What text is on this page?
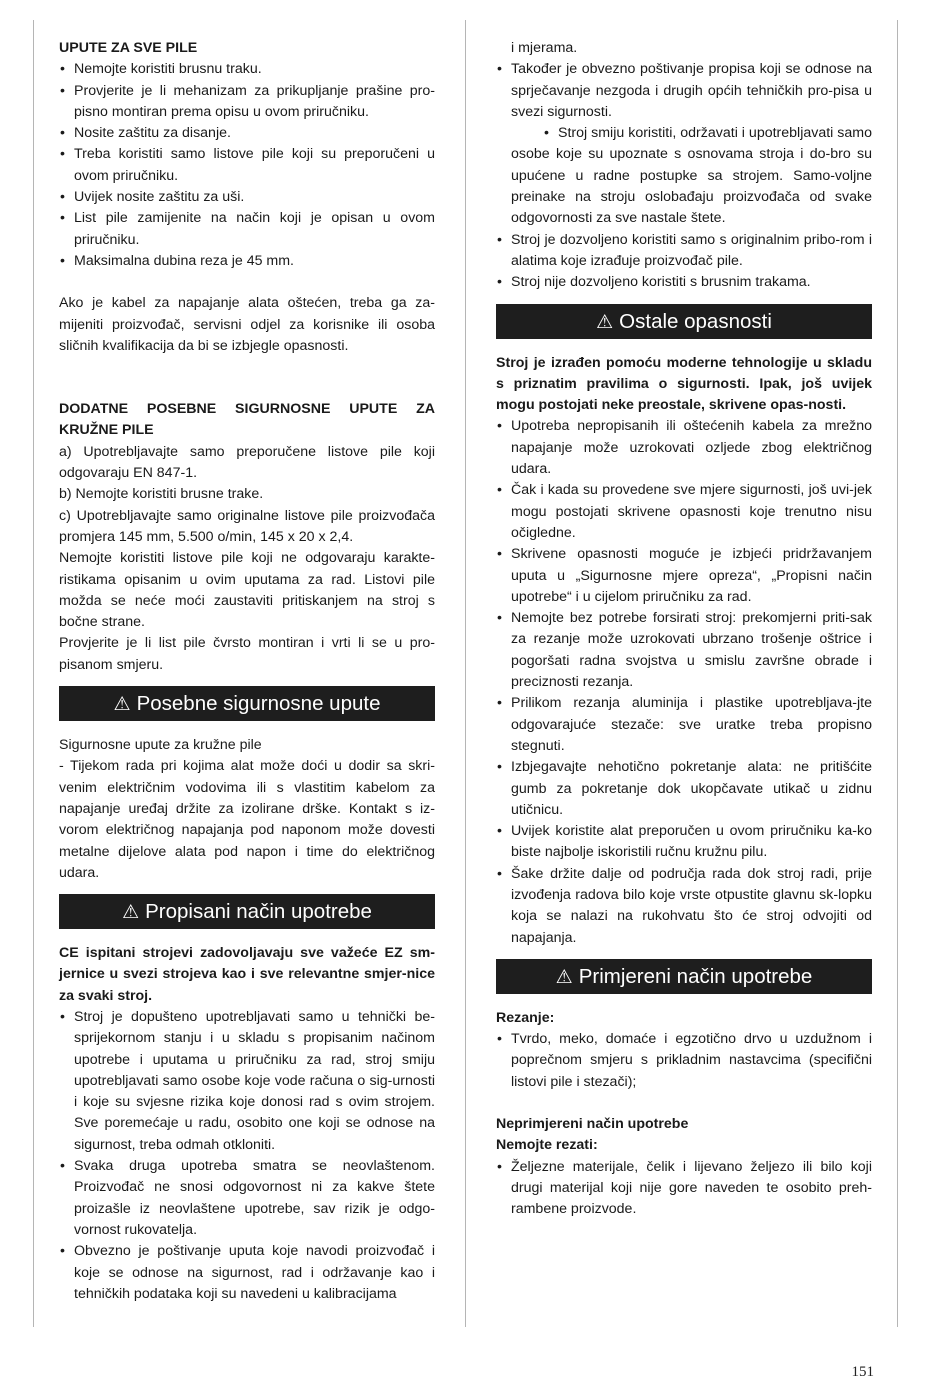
UPUTE ZA SVE PILE

• Nemojte koristiti brusnu traku.
• Provjerite je li mehanizam za prikupljanje prašine pro-pisno montiran prema opisu u ovom priručniku.
• Nosite zaštitu za disanje.
• Treba koristiti samo listove pile koji su preporučeni u ovom priručniku.
• Uvijek nosite zaštitu za uši.
• List pile zamijenite na način koji je opisan u ovom priručniku.
• Maksimalna dubina reza je 45 mm.

Ako je kabel za napajanje alata oštećen, treba ga za-mijeniti proizvođač, servisni odjel za korisnike ili osoba sličnih kvalifikacija da bi se izbjegle opasnosti.

DODATNE POSEBNE SIGURNOSNE UPUTE ZA KRUŽNE PILE

a) Upotrebljavajte samo preporučene listove pile koji odgovaraju EN 847-1.

b) Nemojte koristiti brusne trake.

c) Upotrebljavajte samo originalne listove pile proizvođača promjera 145 mm, 5.500 o/min, 145 x 20 x 2,4.

Nemojte koristiti listove pile koji ne odgovaraju karakte-ristikama opisanim u ovim uputama za rad. Listovi pile možda se neće moći zaustaviti pritiskanjem na stroj s bočne strane.

Provjerite je li list pile čvrsto montiran i vrti li se u pro-pisanom smjeru.

⚠ Posebne sigurnosne upute

Sigurnosne upute za kružne pile

- Tijekom rada pri kojima alat može doći u dodir sa skri-venim električnim vodovima ili s vlastitim kabelom za napajanje uređaj držite za izolirane drške. Kontakt s iz-vorom električnog napajanja pod naponom može dovesti metalne dijelove alata pod napon i time do električnog udara.

⚠ Propisani način upotrebe

CE ispitani strojevi zadovoljavaju sve važeće EZ sm-jernice u svezi strojeva kao i sve relevantne smjer-nice za svaki stroj.

• Stroj je dopušteno upotrebljavati samo u tehnički be-sprijekornom stanju i u skladu s propisanim načinom upotrebe i uputama u priručniku za rad, stroj smiju upotrebljavati samo osobe koje vode računa o sig-urnosti i koje su svjesne rizika koje donosi rad s ovim strojem. Sve poremećaje u radu, osobito one koji se odnose na sigurnost, treba odmah otkloniti.
• Svaka druga upotreba smatra se neovlaštenom. Proizvođač ne snosi odgovornost ni za kakve štete proizašle iz neovlaštene upotrebe, sav rizik je odgo-vornost rukovatelja.
• Obvezno je poštivanje uputa koje navodi proizvođač i koje se odnose na sigurnost, rad i održavanje kao i tehničkih podataka koji su navedeni u kalibracijama

i mjerama.

• Također je obvezno poštivanje propisa koji se odnose na sprječavanje nezgoda i drugih općih tehničkih pro-pisa u svezi sigurnosti.
• Stroj smiju koristiti, održavati i upotrebljavati samo osobe koje su upoznate s osnovama stroja i do-bro su upućene u radne postupke sa strojem. Samo-voljne preinake na stroju oslobađaju proizvođača od svake odgovornosti za sve nastale štete.
• Stroj je dozvoljeno koristiti samo s originalnim pribo-rom i alatima koje izrađuje proizvođač pile.
• Stroj nije dozvoljeno koristiti s brusnim trakama.
⚠ Ostale opasnosti

Stroj je izrađen pomoću moderne tehnologije u skladu s priznatim pravilima o sigurnosti. Ipak, još uvijek mogu postojati neke preostale, skrivene opas-nosti.

• Upotreba nepropisanih ili oštećenih kabela za mrežno napajanje može uzrokovati ozljede zbog električnog udara.
• Čak i kada su provedene sve mjere sigurnosti, još uvi-jek mogu postojati skrivene opasnosti koje trenutno nisu očigledne.
• Skrivene opasnosti moguće je izbjeći pridržavanjem uputa u „Sigurnosne mjere opreza“, „Propisni način upotrebe“ i u cijelom priručniku za rad.
• Nemojte bez potrebe forsirati stroj: prekomjerni priti-sak za rezanje može uzrokovati ubrzano trošenje oštrice i pogoršati radna svojstva u smislu završne obrade i preciznosti rezanja.
• Prilikom rezanja aluminija i plastike upotrebljava-jte odgovarajuće stezače: sve uratke treba propisno stegnuti.
• Izbjegavajte nehotično pokretanje alata: ne pritišćite gumb za pokretanje dok ukopčavate utikač u zidnu utičnicu.
• Uvijek koristite alat preporučen u ovom priručniku ka-ko biste najbolje iskoristili ručnu kružnu pilu.
• Šake držite dalje od područja rada dok stroj radi, prije izvođenja radova bilo koje vrste otpustite glavnu sk-lopku koja se nalazi na rukohvatu što će stroj odvojiti od napajanja.
⚠ Primjereni način upotrebe

Rezanje:

• Tvrdo, meko, domaće i egzotično drvo u uzdužnom i poprečnom smjeru s prikladnim nastavcima (specifični listovi pile i stezači);

Neprimjereni način upotrebe

Nemojte rezati:

• Željezne materijale, čelik i lijevano željezo ili bilo koji drugi materijal koji nije gore naveden te osobito preh-rambene proizvode.
151
